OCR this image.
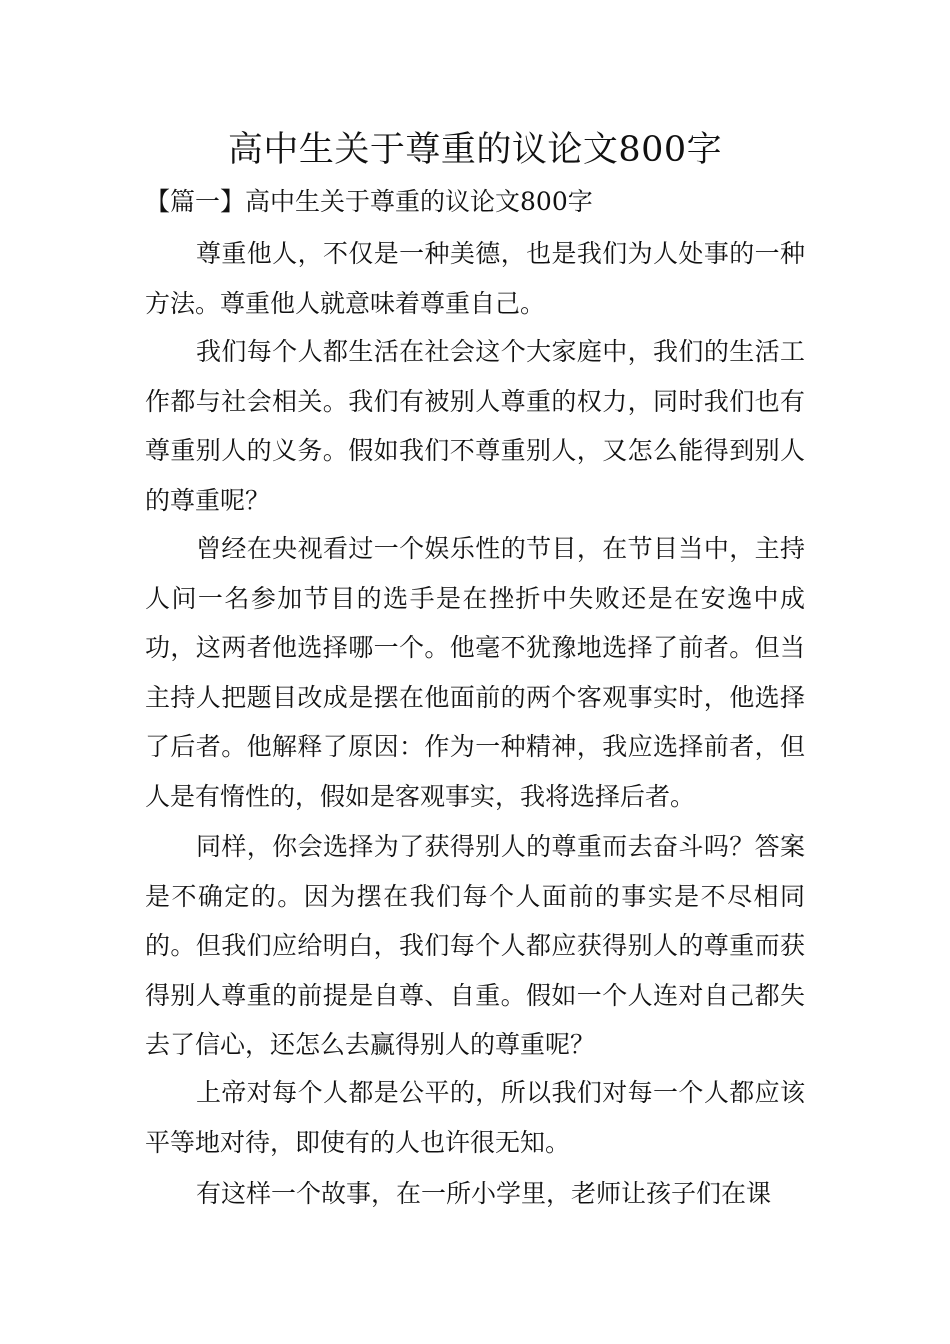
高中生关于尊重的议论文800字
【篇一】高中生关于尊重的议论文800字
尊重他人，不仅是一种美德，也是我们为人处事的一种方法。尊重他人就意味着尊重自己。
我们每个人都生活在社会这个大家庭中，我们的生活工作都与社会相关。我们有被别人尊重的权力，同时我们也有尊重别人的义务。假如我们不尊重别人，又怎么能得到别人的尊重呢？
曾经在央视看过一个娱乐性的节目，在节目当中，主持人问一名参加节目的选手是在挫折中失败还是在安逸中成功，这两者他选择哪一个。他毫不犹豫地选择了前者。但当主持人把题目改成是摆在他面前的两个客观事实时，他选择了后者。他解释了原因：作为一种精神，我应选择前者，但人是有惰性的，假如是客观事实，我将选择后者。
同样，你会选择为了获得别人的尊重而去奋斗吗？答案是不确定的。因为摆在我们每个人面前的事实是不尽相同的。但我们应给明白，我们每个人都应获得别人的尊重而获得别人尊重的前提是自尊、自重。假如一个人连对自己都失去了信心，还怎么去赢得别人的尊重呢？
上帝对每个人都是公平的，所以我们对每一个人都应该平等地对待，即使有的人也许很无知。
有这样一个故事，在一所小学里，老师让孩子们在课
